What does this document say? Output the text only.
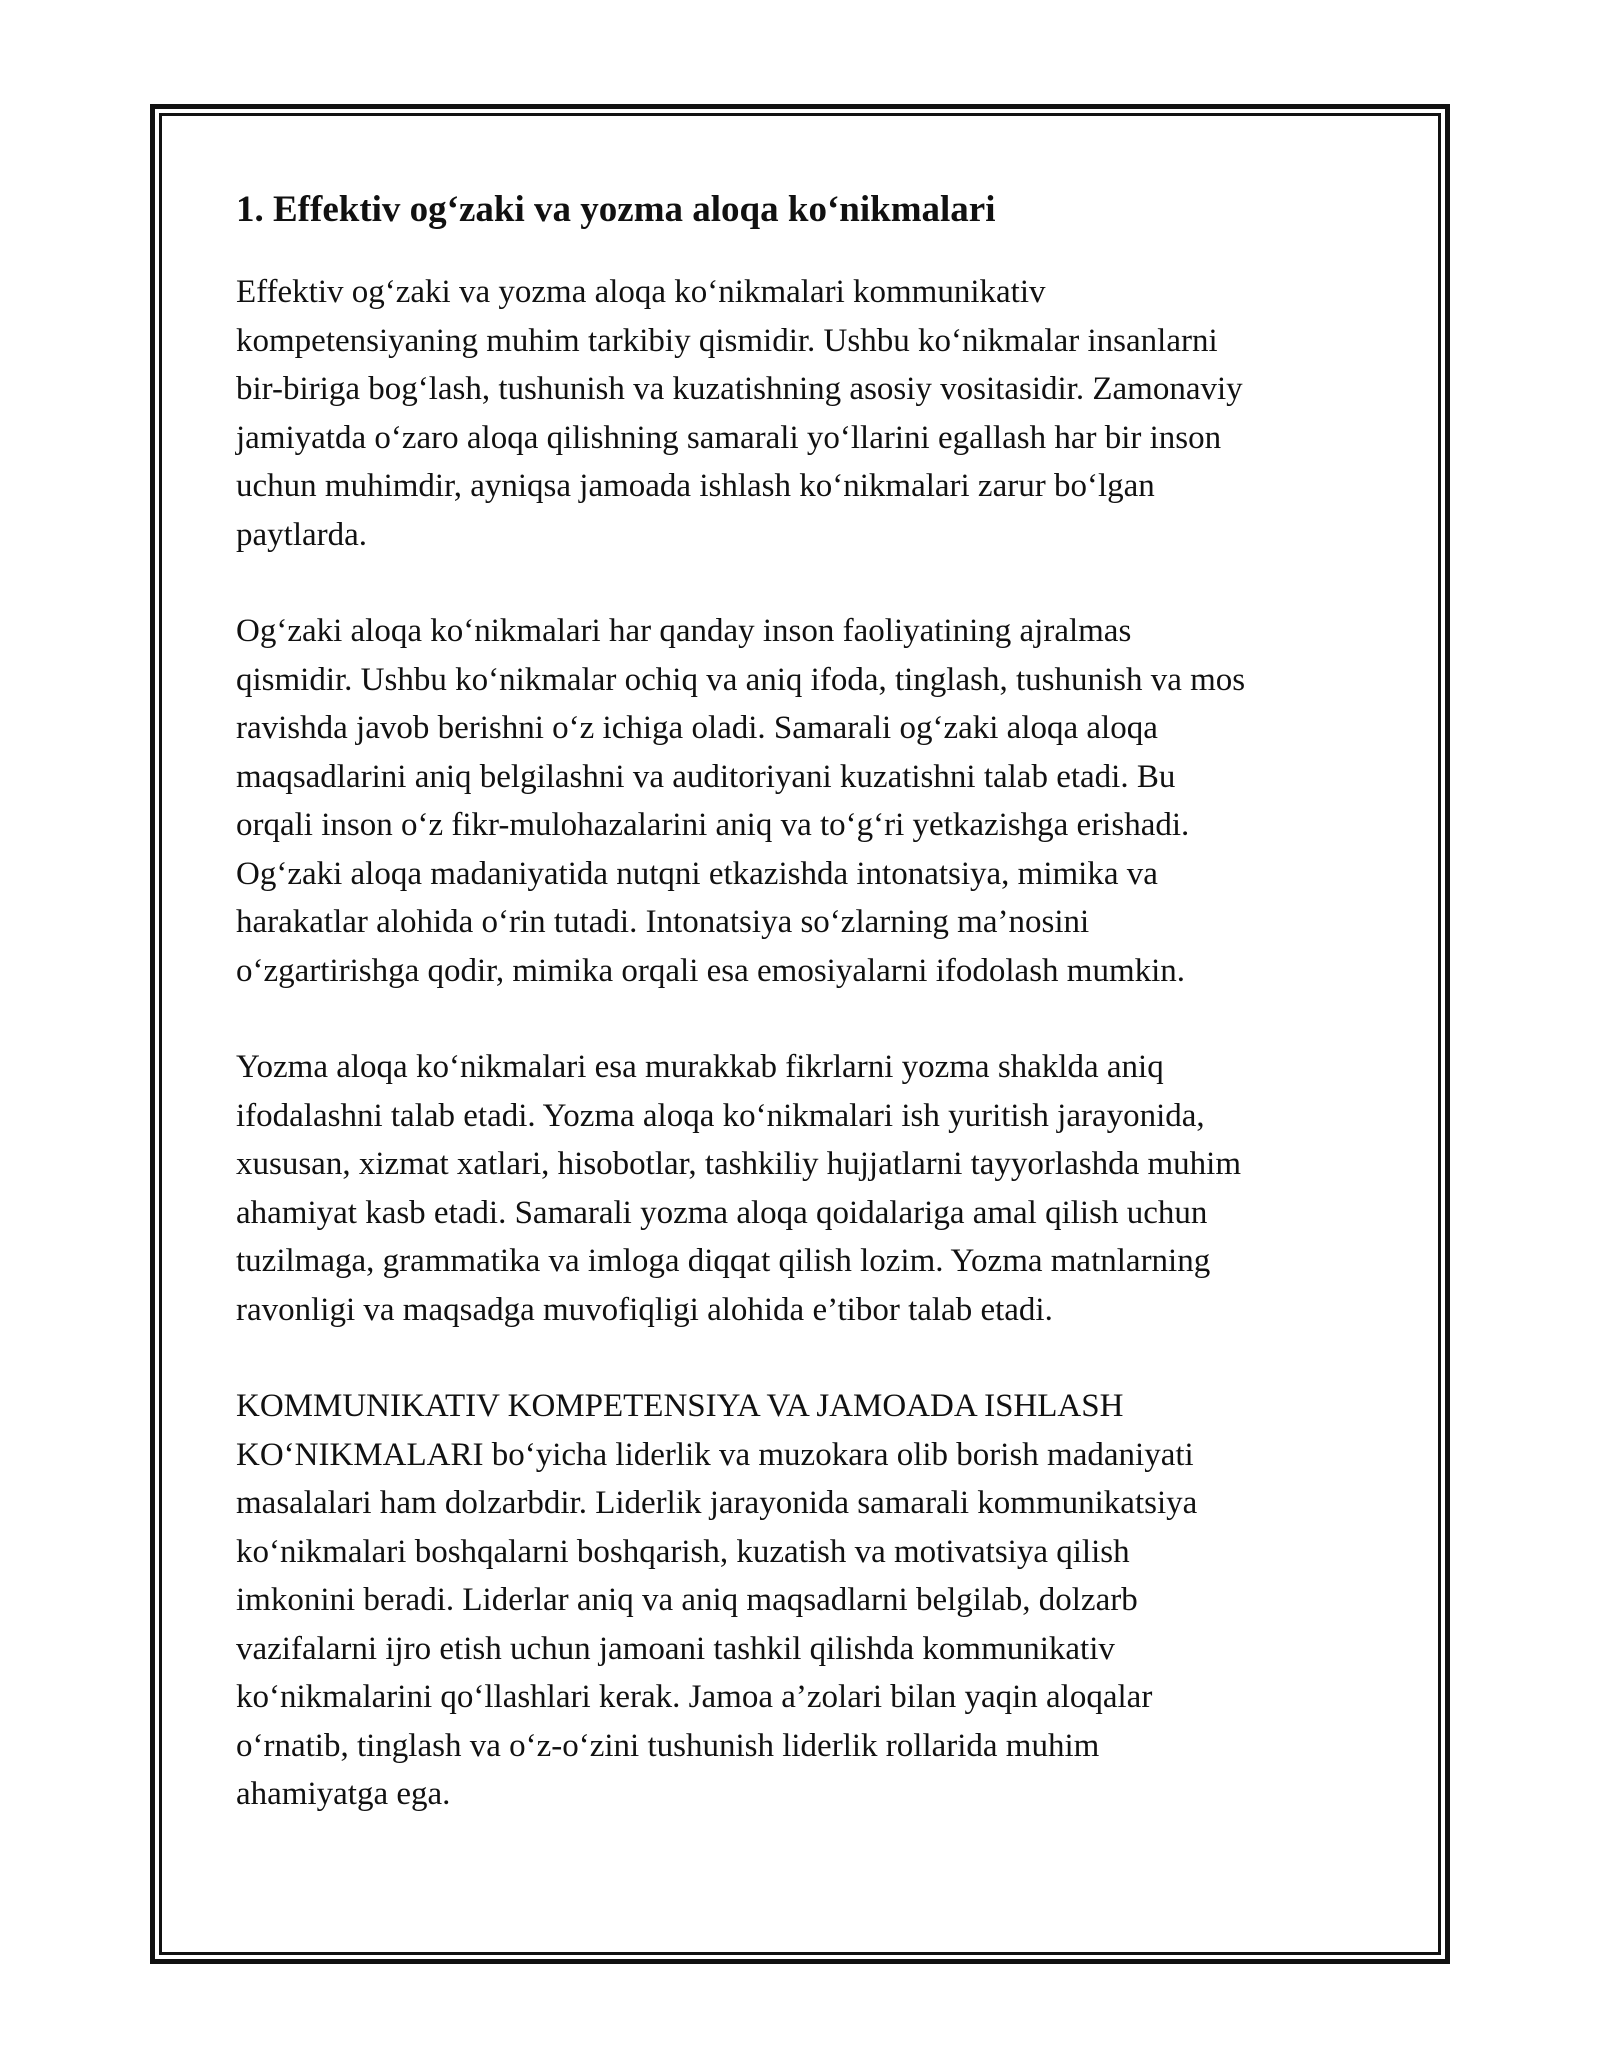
1. Effektiv og‘zaki va yozma aloqa ko‘nikmalari

Effektiv og‘zaki va yozma aloqa ko‘nikmalari kommunikativ
kompetensiyaning muhim tarkibiy qismidir. Ushbu ko‘nikmalar insanlarni
bir-biriga bog‘lash, tushunish va kuzatishning asosiy vositasidir. Zamonaviy
jamiyatda o‘zaro aloqa qilishning samarali yo‘llarini egallash har bir inson
uchun muhimdir, ayniqsa jamoada ishlash ko‘nikmalari zarur bo‘lgan
paytlarda.

Og‘zaki aloqa ko‘nikmalari har qanday inson faoliyatining ajralmas
qismidir. Ushbu ko‘nikmalar ochiq va aniq ifoda, tinglash, tushunish va mos
ravishda javob berishni o‘z ichiga oladi. Samarali og‘zaki aloqa aloqa
maqsadlarini aniq belgilashni va auditoriyani kuzatishni talab etadi. Bu
orqali inson o‘z fikr-mulohazalarini aniq va to‘g‘ri yetkazishga erishadi.
Og‘zaki aloqa madaniyatida nutqni etkazishda intonatsiya, mimika va
harakatlar alohida o‘rin tutadi. Intonatsiya so‘zlarning ma’nosini
o‘zgartirishga qodir, mimika orqali esa emosiyalarni ifodolash mumkin.

Yozma aloqa ko‘nikmalari esa murakkab fikrlarni yozma shaklda aniq
ifodalashni talab etadi. Yozma aloqa ko‘nikmalari ish yuritish jarayonida,
xususan, xizmat xatlari, hisobotlar, tashkiliy hujjatlarni tayyorlashda muhim
ahamiyat kasb etadi. Samarali yozma aloqa qoidalariga amal qilish uchun
tuzilmaga, grammatika va imloga diqqat qilish lozim. Yozma matnlarning
ravonligi va maqsadga muvofiqligi alohida e’tibor talab etadi.

KOMMUNIKATIV KOMPETENSIYA VA JAMOADA ISHLASH
KO‘NIKMALARI bo‘yicha liderlik va muzokara olib borish madaniyati
masalalari ham dolzarbdir. Liderlik jarayonida samarali kommunikatsiya
ko‘nikmalari boshqalarni boshqarish, kuzatish va motivatsiya qilish
imkonini beradi. Liderlar aniq va aniq maqsadlarni belgilab, dolzarb
vazifalarni ijro etish uchun jamoani tashkil qilishda kommunikativ
ko‘nikmalarini qo‘llashlari kerak. Jamoa a’zolari bilan yaqin aloqalar
o‘rnatib, tinglash va o‘z-o‘zini tushunish liderlik rollarida muhim
ahamiyatga ega.
